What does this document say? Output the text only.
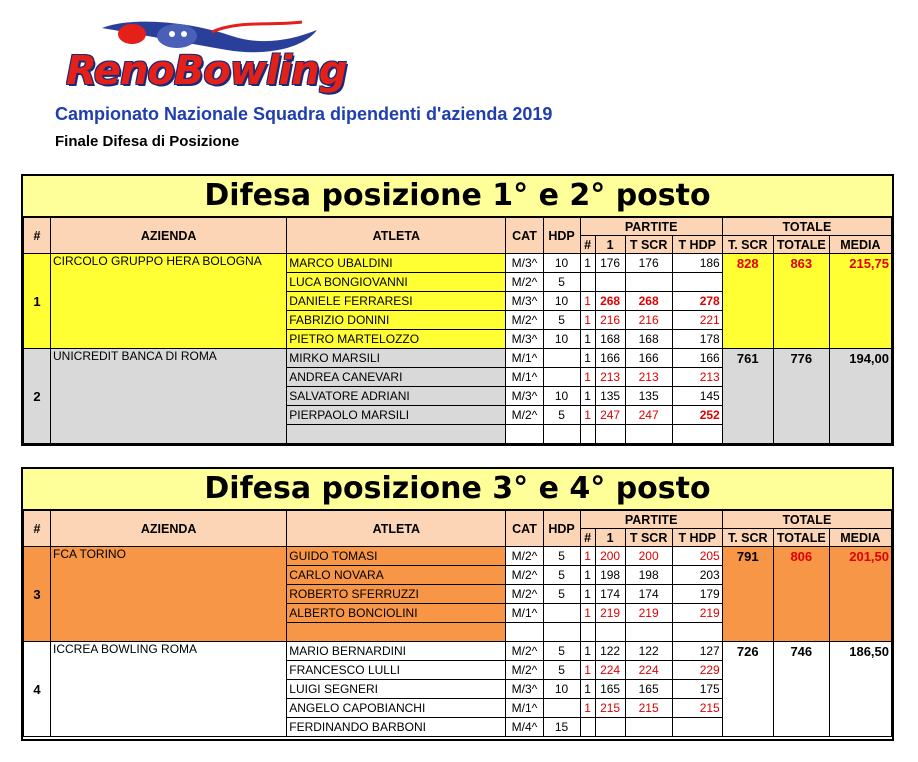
RenoBowling
Campionato Nazionale Squadra dipendenti d'azienda 2019
Finale Difesa di Posizione
Difesa posizione 1° e 2° posto
#	AZIENDA	ATLETA	CAT	HDP	PARTITE				TOTALE		
					#	1	T SCR	T HDP	T. SCR	TOTALE	MEDIA
1	CIRCOLO GRUPPO HERA BOLOGNA	MARCO UBALDINI	M/3^	10	1	176	176	186	828	863	215,75
		LUCA BONGIOVANNI	M/2^	5							
		DANIELE FERRARESI	M/3^	10	1	268	268	278			
		FABRIZIO DONINI	M/2^	5	1	216	216	221			
		PIETRO MARTELOZZO	M/3^	10	1	168	168	178			
2	UNICREDIT BANCA DI ROMA	MIRKO MARSILI	M/1^		1	166	166	166	761	776	194,00
		ANDREA CANEVARI	M/1^		1	213	213	213			
		SALVATORE ADRIANI	M/3^	10	1	135	135	145			
		PIERPAOLO MARSILI	M/2^	5	1	247	247	252			

Difesa posizione 3° e 4° posto
#	AZIENDA	ATLETA	CAT	HDP	PARTITE				TOTALE		
					#	1	T SCR	T HDP	T. SCR	TOTALE	MEDIA
3	FCA TORINO	GUIDO TOMASI	M/2^	5	1	200	200	205	791	806	201,50
		CARLO NOVARA	M/2^	5	1	198	198	203			
		ROBERTO SFERRUZZI	M/2^	5	1	174	174	179			
		ALBERTO BONCIOLINI	M/1^		1	219	219	219			

4	ICCREA BOWLING ROMA	MARIO BERNARDINI	M/2^	5	1	122	122	127	726	746	186,50
		FRANCESCO LULLI	M/2^	5	1	224	224	229			
		LUIGI SEGNERI	M/3^	10	1	165	165	175			
		ANGELO CAPOBIANCHI	M/1^		1	215	215	215			
		FERDINANDO BARBONI	M/4^	15							
